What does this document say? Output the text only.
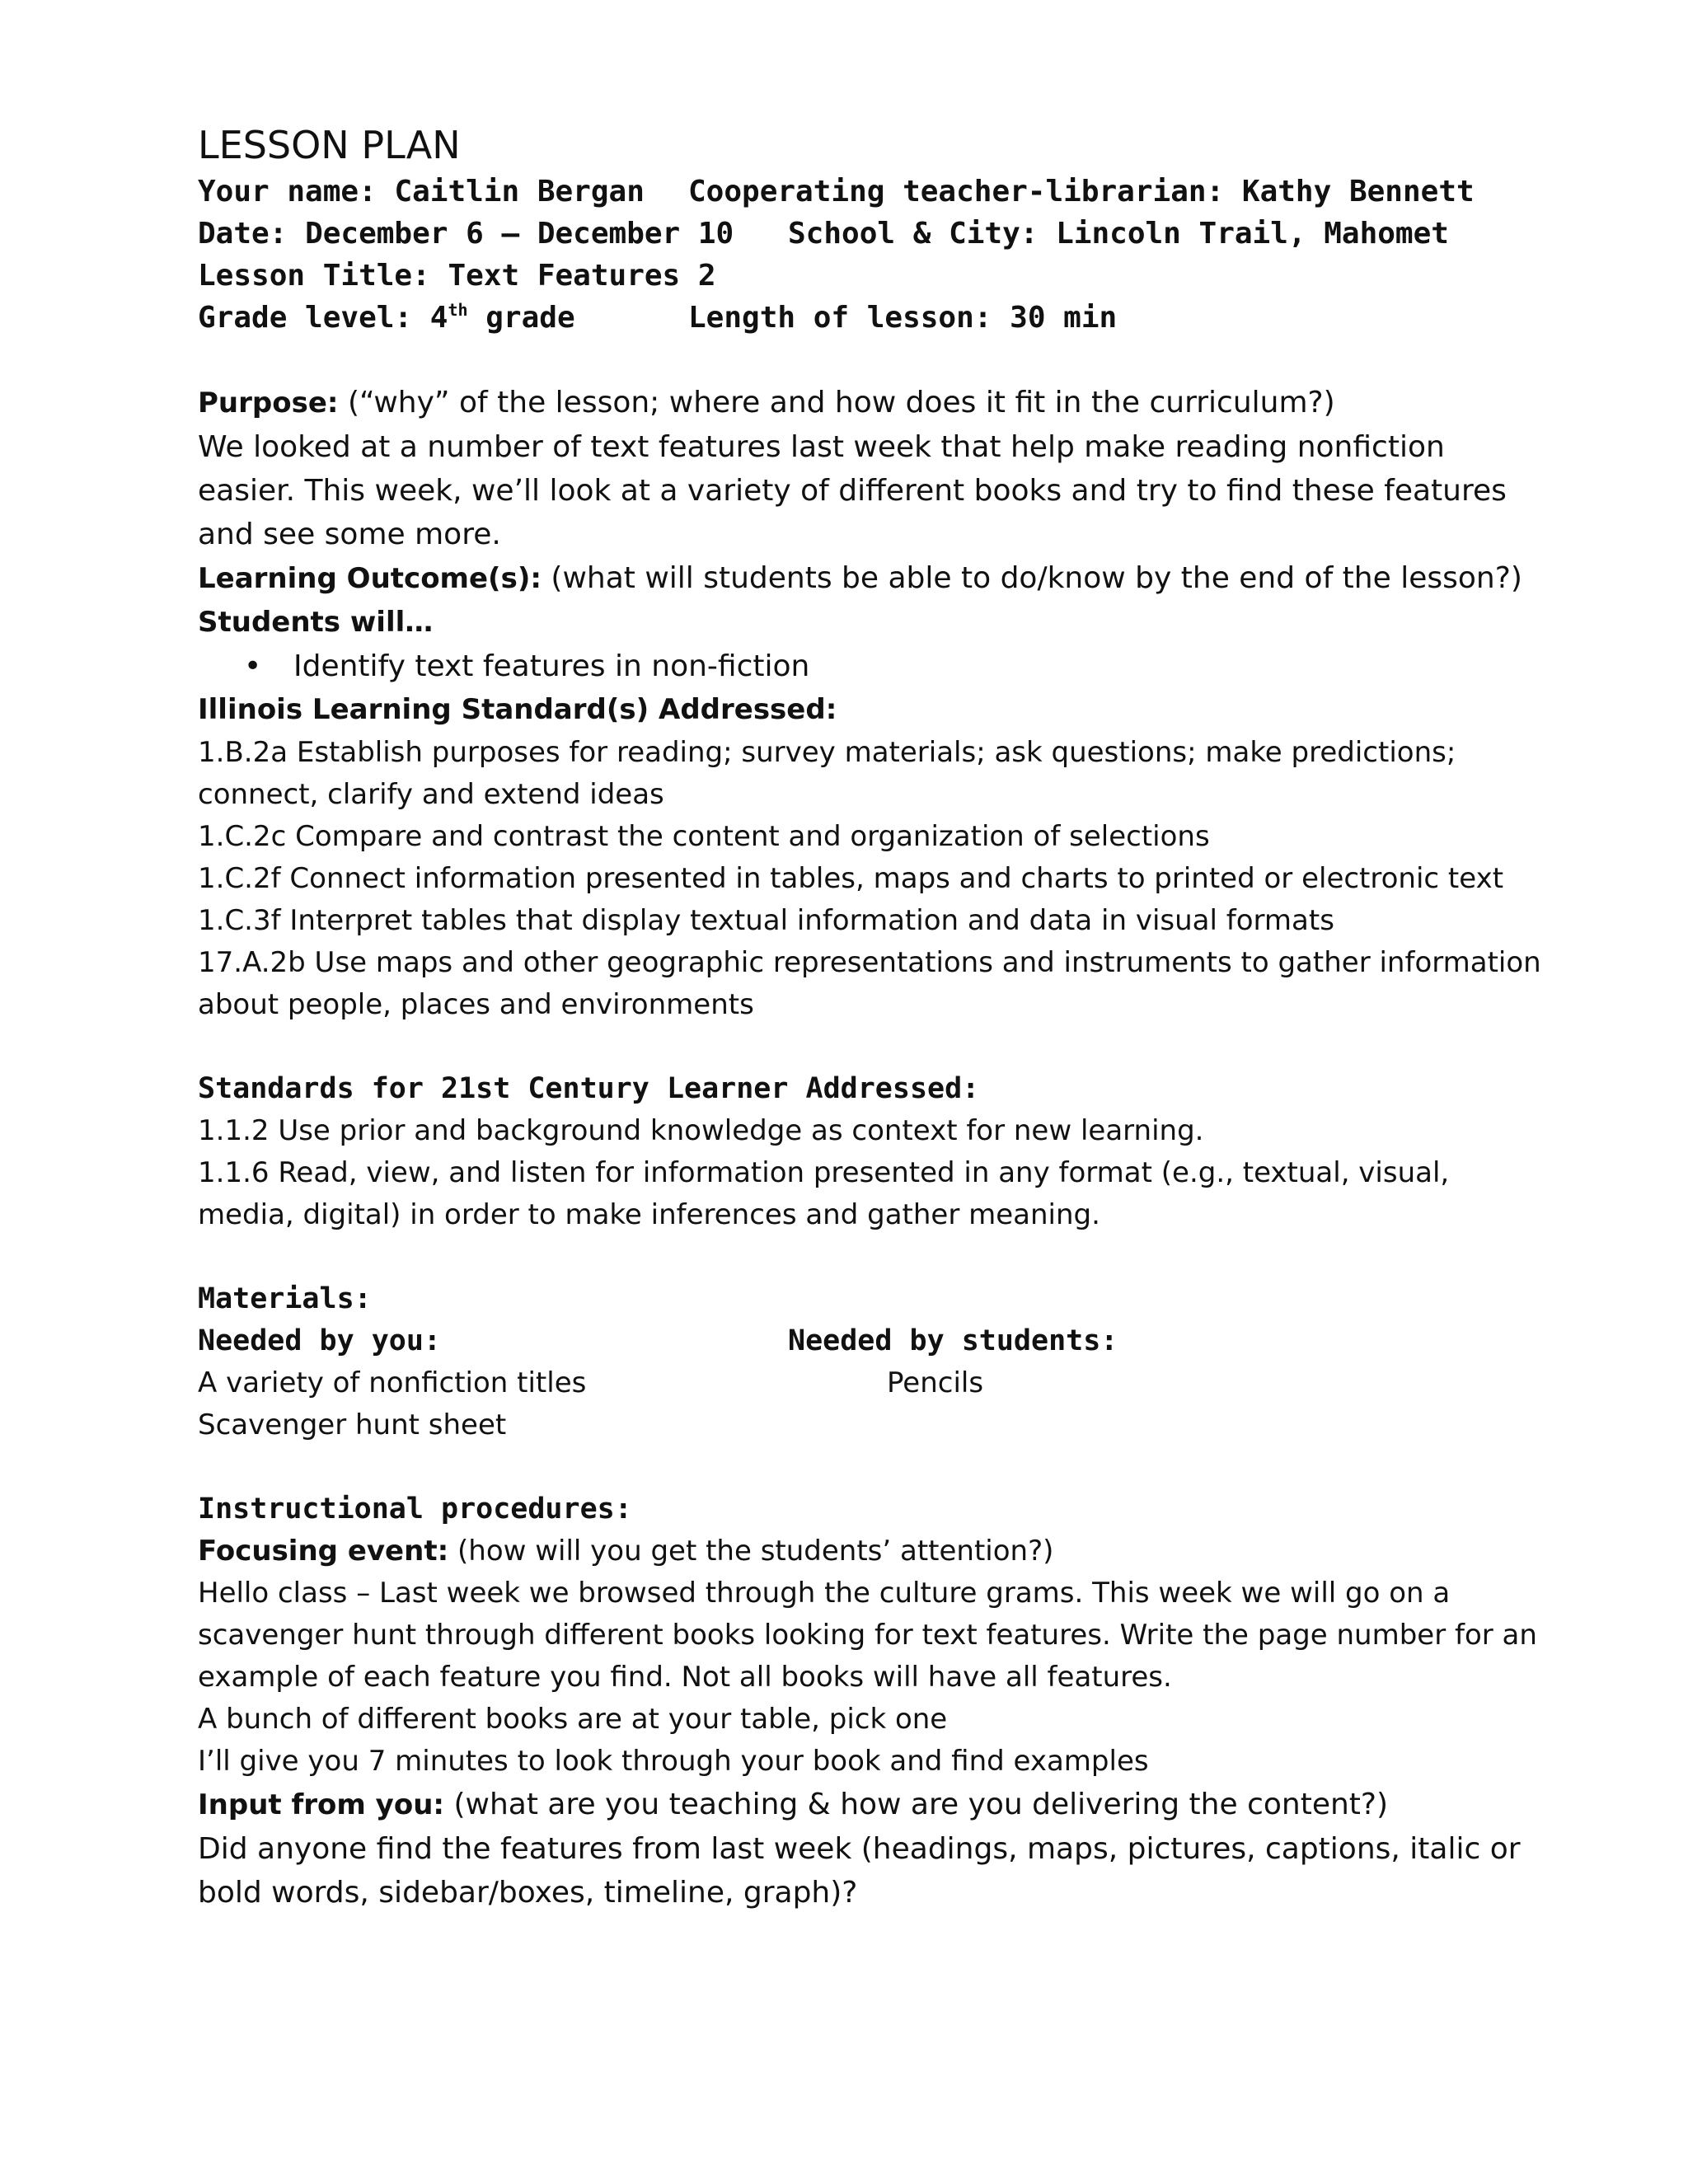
LESSON PLAN
Your name: Caitlin Bergan Cooperating teacher-librarian: Kathy Bennett
Date: December 6 – December 10 School & City: Lincoln Trail, Mahomet
Lesson Title: Text Features 2
Grade level: 4th grade	Length of lesson: 30 min

Purpose: (“why” of the lesson; where and how does it fit in the curriculum?)

We looked at a number of text features last week that help make reading nonfiction easier. This week, we’ll look at a variety of different books and try to find these features and see some more.

Learning Outcome(s): (what will students be able to do/know by the end of the lesson?)

Students will…

• Identify text features in non-fiction

Illinois Learning Standard(s) Addressed:

1.B.2a Establish purposes for reading; survey materials; ask questions; make predictions; connect, clarify and extend ideas

1.C.2c Compare and contrast the content and organization of selections

1.C.2f Connect information presented in tables, maps and charts to printed or electronic text

1.C.3f Interpret tables that display textual information and data in visual formats

17.A.2b Use maps and other geographic representations and instruments to gather information about people, places and environments

Standards for 21st Century Learner Addressed:

1.1.2 Use prior and background knowledge as context for new learning.

1.1.6 Read, view, and listen for information presented in any format (e.g., textual, visual, media, digital) in order to make inferences and gather meaning.

Materials:

Needed by you:	Needed by students:
A variety of nonfiction titles	Pencils
Scavenger hunt sheet

Instructional procedures:

Focusing event: (how will you get the students’ attention?)

Hello class – Last week we browsed through the culture grams. This week we will go on a scavenger hunt through different books looking for text features. Write the page number for an example of each feature you find. Not all books will have all features.

A bunch of different books are at your table, pick one

I’ll give you 7 minutes to look through your book and find examples

Input from you: (what are you teaching & how are you delivering the content?)

Did anyone find the features from last week (headings, maps, pictures, captions, italic or bold words, sidebar/boxes, timeline, graph)?
